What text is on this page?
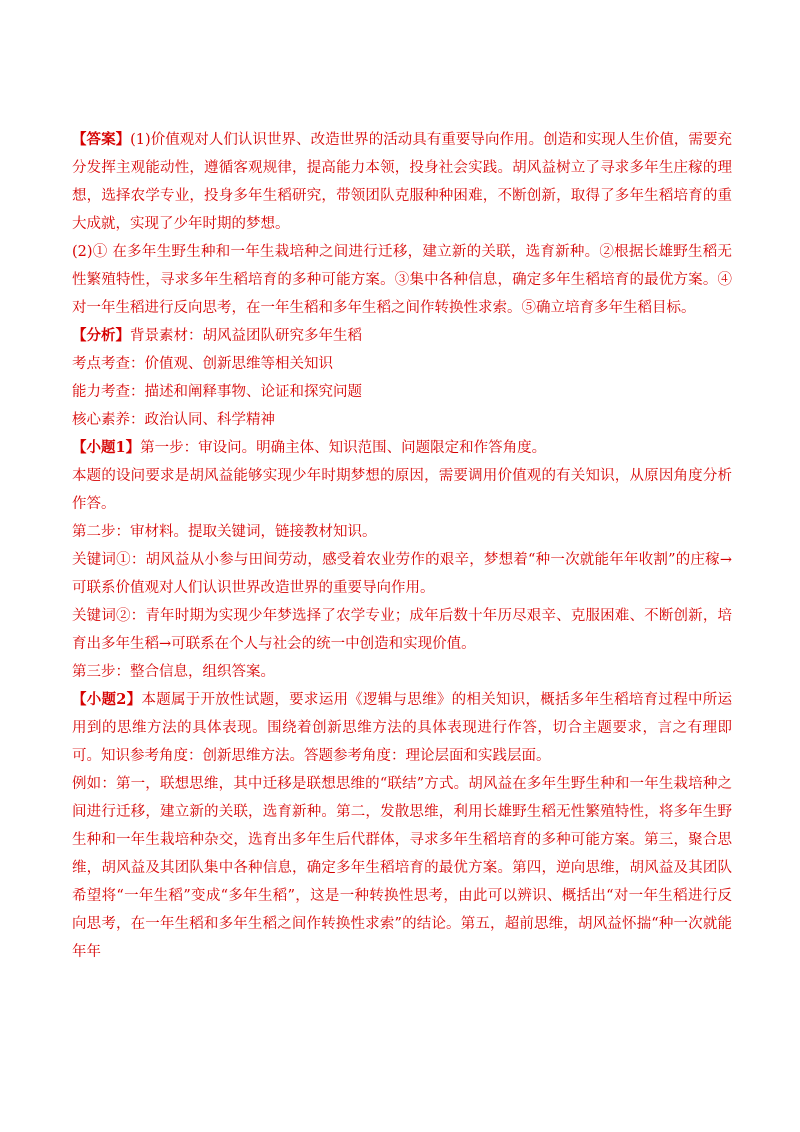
【答案】(1)价值观对人们认识世界、改造世界的活动具有重要导向作用。创造和实现人生价值，需要充分发挥主观能动性，遵循客观规律，提高能力本领，投身社会实践。胡风益树立了寻求多年生庄稼的理想，选择农学专业，投身多年生稻研究，带领团队克服种种困难，不断创新，取得了多年生稻培育的重大成就，实现了少年时期的梦想。

(2)① 在多年生野生种和一年生栽培种之间进行迁移，建立新的关联，选育新种。②根据长雄野生稻无性繁殖特性，寻求多年生稻培育的多种可能方案。③集中各种信息，确定多年生稻培育的最优方案。④对一年生稻进行反向思考，在一年生稻和多年生稻之间作转换性求索。⑤确立培育多年生稻目标。

【分析】背景素材：胡风益团队研究多年生稻

考点考查：价值观、创新思维等相关知识

能力考查：描述和阐释事物、论证和探究问题

核心素养：政治认同、科学精神

【小题1】第一步：审设问。明确主体、知识范围、问题限定和作答角度。

本题的设问要求是胡风益能够实现少年时期梦想的原因，需要调用价值观的有关知识，从原因角度分析作答。

第二步：审材料。提取关键词，链接教材知识。

关键词①：胡风益从小参与田间劳动，感受着农业劳作的艰辛，梦想着“种一次就能年年收割”的庄稼→可联系价值观对人们认识世界改造世界的重要导向作用。

关键词②：青年时期为实现少年梦选择了农学专业；成年后数十年历尽艰辛、克服困难、不断创新，培育出多年生稻→可联系在个人与社会的统一中创造和实现价值。

第三步：整合信息，组织答案。

【小题2】本题属于开放性试题，要求运用《逻辑与思维》的相关知识，概括多年生稻培育过程中所运用到的思维方法的具体表现。围绕着创新思维方法的具体表现进行作答，切合主题要求，言之有理即可。知识参考角度：创新思维方法。答题参考角度：理论层面和实践层面。

例如：第一，联想思维，其中迁移是联想思维的“联结”方式。胡风益在多年生野生种和一年生栽培种之间进行迁移，建立新的关联，选育新种。第二，发散思维，利用长雄野生稻无性繁殖特性，将多年生野生种和一年生栽培种杂交，选育出多年生后代群体，寻求多年生稻培育的多种可能方案。第三，聚合思维，胡风益及其团队集中各种信息，确定多年生稻培育的最优方案。第四，逆向思维，胡风益及其团队希望将“一年生稻”变成“多年生稻”，这是一种转换性思考，由此可以辨识、概括出“对一年生稻进行反向思考，在一年生稻和多年生稻之间作转换性求索”的结论。第五，超前思维，胡风益怀揣“种一次就能年年
